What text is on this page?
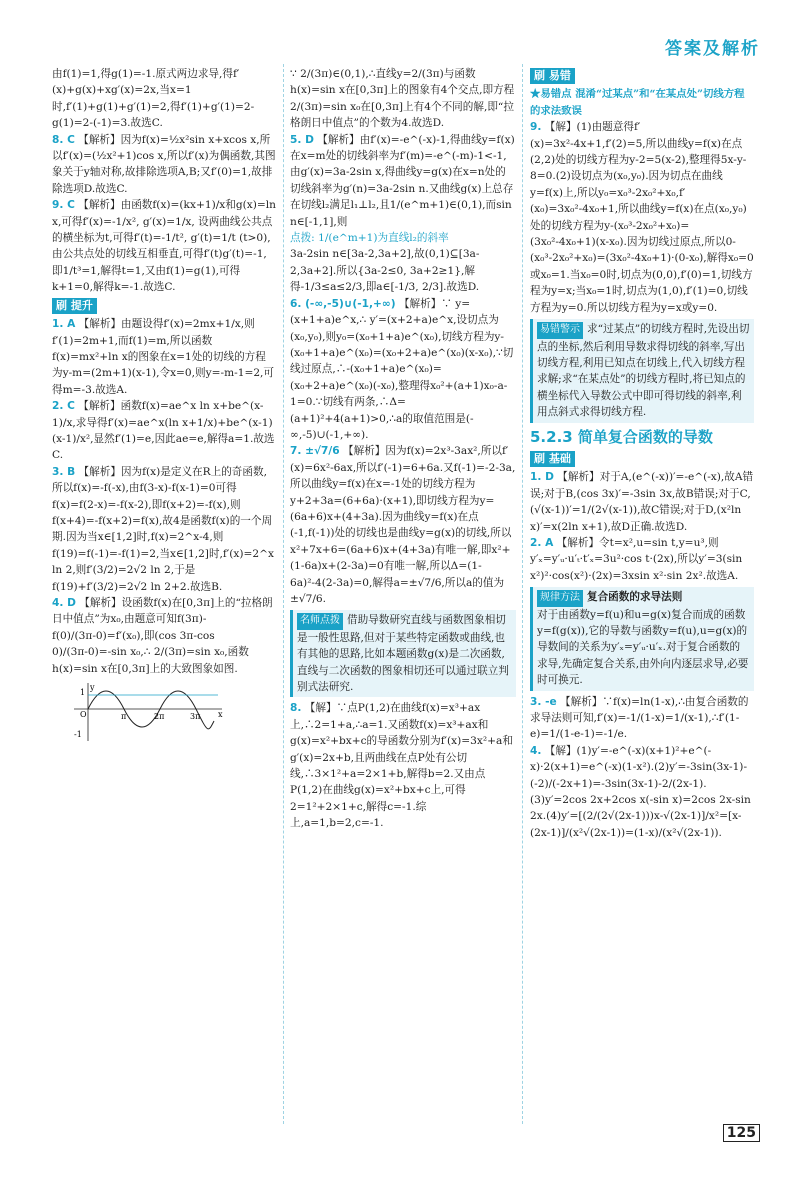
答案及解析

由f(1)=1,得g(1)=-1.原式两边求导,得f′(x)+g(x)+xg′(x)=2x,当x=1时,f′(1)+g(1)+g′(1)=2,得f′(1)+g′(1)=2-g(1)=2-(-1)=3.故选C.

8. C 【解析】因为f(x)=½x²sin x+xcos x,所以f′(x)=(½x²+1)cos x,所以f′(x)为偶函数,其图象关于y轴对称,故排除选项A,B;又f′(0)=1,故排除选项D.故选C.

9. C 【解析】由函数f(x)=(kx+1)/x和g(x)=ln x,可得f′(x)=-1/x², g′(x)=1/x, 设两曲线公共点的横坐标为t,可得f′(t)=-1/t², g′(t)=1/t (t>0),由公共点处的切线互相垂直,可得f′(t)g′(t)=-1,即1/t³=1,解得t=1,又由f(1)=g(1),可得k+1=0,解得k=-1.故选C.

刷 提升

1. A 【解析】由题设得f′(x)=2mx+1/x,则f′(1)=2m+1,而f(1)=m,所以函数f(x)=mx²+ln x的图象在x=1处的切线的方程为y-m=(2m+1)(x-1),令x=0,则y=-m-1=2,可得m=-3.故选A.

2. C 【解析】函数f(x)=ae^x ln x+be^(x-1)/x,求导得f′(x)=ae^x(ln x+1/x)+be^(x-1)(x-1)/x²,显然f′(1)=e,因此ae=e,解得a=1.故选C.

3. B 【解析】因为f(x)是定义在R上的奇函数,所以f(x)=-f(-x),由f(3-x)-f(x-1)=0可得f(x)=f(2-x)=-f(x-2),即f(x+2)=-f(x),则f(x+4)=-f(x+2)=f(x),故4是函数f(x)的一个周期.因为当x∈[1,2]时,f(x)=2^x-4,则f(19)=f(-1)=-f(1)=2,当x∈[1,2]时,f′(x)=2^x ln 2,则f′(3/2)=2√2 ln 2,于是f(19)+f′(3/2)=2√2 ln 2+2.故选B.

4. D 【解析】设函数f(x)在[0,3π]上的“拉格朗日中值点”为x₀,由题意可知f(3π)-f(0)/(3π-0)=f′(x₀),即(cos 3π-cos 0)/(3π-0)=-sin x₀,∴ 2/(3π)=sin x₀,函数h(x)=sin x在[0,3π]上的大致图象如图.

y
1
O	π	2π	3π x
-1

∵ 2/(3π)∈(0,1),∴直线y=2/(3π)与函数h(x)=sin x在[0,3π]上的图象有4个交点,即方程2/(3π)=sin x₀在[0,3π]上有4个不同的解,即“拉格朗日中值点”的个数为4.故选D.

5. D 【解析】由f′(x)=-e^(-x)-1,得曲线y=f(x)在x=m处的切线斜率为f′(m)=-e^(-m)-1<-1,由g′(x)=3a-2sin x,得曲线y=g(x)在x=n处的切线斜率为g′(n)=3a-2sin n.又曲线g(x)上总存在切线l₂满足l₁⊥l₂,且1/(e^m+1)∈(0,1),而sin n∈[-1,1],则

点拨: 1/(e^m+1)为直线l₂的斜率

3a-2sin n∈[3a-2,3a+2],故(0,1)⊆[3a-2,3a+2].所以{3a-2≤0, 3a+2≥1},解得-1/3≤a≤2/3,即a∈[-1/3, 2/3].故选D.

6. (-∞,-5)∪(-1,+∞) 【解析】∵ y=(x+1+a)e^x,∴ y′=(x+2+a)e^x,设切点为(x₀,y₀),则y₀=(x₀+1+a)e^(x₀),切线方程为y-(x₀+1+a)e^(x₀)=(x₀+2+a)e^(x₀)(x-x₀),∵切线过原点,∴-(x₀+1+a)e^(x₀)=(x₀+2+a)e^(x₀)(-x₀),整理得x₀²+(a+1)x₀-a-1=0.∵切线有两条,∴Δ=(a+1)²+4(a+1)>0,∴a的取值范围是(-∞,-5)∪(-1,+∞).

7. ±√7/6 【解析】因为f(x)=2x³-3ax²,所以f′(x)=6x²-6ax,所以f′(-1)=6+6a.又f(-1)=-2-3a,所以曲线y=f(x)在x=-1处的切线方程为y+2+3a=(6+6a)·(x+1),即切线方程为y=(6a+6)x+(4+3a).因为曲线y=f(x)在点(-1,f(-1))处的切线也是曲线y=g(x)的切线,所以x²+7x+6=(6a+6)x+(4+3a)有唯一解,即x²+(1-6a)x+(2-3a)=0有唯一解,所以Δ=(1-6a)²-4(2-3a)=0,解得a=±√7/6,所以a的值为±√7/6.

名师点拨 借助导数研究直线与函数图象相切是一般性思路,但对于某些特定函数或曲线,也有其他的思路,比如本题函数g(x)是二次函数,直线与二次函数的图象相切还可以通过联立判别式法研究.

8. 【解】∵点P(1,2)在曲线f(x)=x³+ax上,∴2=1+a,∴a=1.又函数f(x)=x³+ax和g(x)=x²+bx+c的导函数分别为f′(x)=3x²+a和g′(x)=2x+b,且两曲线在点P处有公切线,∴3×1²+a=2×1+b,解得b=2.又由点P(1,2)在曲线g(x)=x²+bx+c上,可得2=1²+2×1+c,解得c=-1.综上,a=1,b=2,c=-1.

刷 易错

★易错点 混淆“过某点”和“在某点处”切线方程的求法致误

9. 【解】(1)由题意得f′(x)=3x²-4x+1,f′(2)=5,所以曲线y=f(x)在点(2,2)处的切线方程为y-2=5(x-2),整理得5x-y-8=0.(2)设切点为(x₀,y₀).因为切点在曲线y=f(x)上,所以y₀=x₀³-2x₀²+x₀,f′(x₀)=3x₀²-4x₀+1,所以曲线y=f(x)在点(x₀,y₀)处的切线方程为y-(x₀³-2x₀²+x₀)=(3x₀²-4x₀+1)(x-x₀).因为切线过原点,所以0-(x₀³-2x₀²+x₀)=(3x₀²-4x₀+1)·(0-x₀),解得x₀=0或x₀=1.当x₀=0时,切点为(0,0),f′(0)=1,切线方程为y=x;当x₀=1时,切点为(1,0),f′(1)=0,切线方程为y=0.所以切线方程为y=x或y=0.

易错警示 求“过某点”的切线方程时,先设出切点的坐标,然后利用导数求得切线的斜率,写出切线方程,利用已知点在切线上,代入切线方程求解;求“在某点处”的切线方程时,将已知点的横坐标代入导数公式中即可得切线的斜率,利用点斜式求得切线方程.
5.2.3 简单复合函数的导数
刷 基础

1. D 【解析】对于A,(e^(-x))′=-e^(-x),故A错误;对于B,(cos 3x)′=-3sin 3x,故B错误;对于C,(√(x-1))′=1/(2√(x-1)),故C错误;对于D,(x²ln x)′=x(2ln x+1),故D正确.故选D.

2. A 【解析】令t=x²,u=sin t,y=u³,则y′ₓ=y′ᵤ·u′ₜ·t′ₓ=3u²·cos t·(2x),所以y′=3(sin x²)²·cos(x²)·(2x)=3xsin x²·sin 2x².故选A.

规律方法 复合函数的求导法则

对于由函数y=f(u)和u=g(x)复合而成的函数y=f(g(x)),它的导数与函数y=f(u),u=g(x)的导数间的关系为y′ₓ=y′ᵤ·u′ₓ.对于复合函数的求导,先确定复合关系,由外向内逐层求导,必要时可换元.

3. -e 【解析】∵f(x)=ln(1-x),∴由复合函数的求导法则可知,f′(x)=-1/(1-x)=1/(x-1),∴f′(1-e)=1/(1-e-1)=-1/e.

4. 【解】(1)y′=-e^(-x)(x+1)²+e^(-x)·2(x+1)=e^(-x)(1-x²).(2)y′=-3sin(3x-1)-(-2)/(-2x+1)=-3sin(3x-1)-2/(2x-1).(3)y′=2cos 2x+2cos x(-sin x)=2cos 2x-sin 2x.(4)y′=[(2/(2√(2x-1)))x-√(2x-1)]/x²=[x-(2x-1)]/(x²√(2x-1))=(1-x)/(x²√(2x-1)).

125
